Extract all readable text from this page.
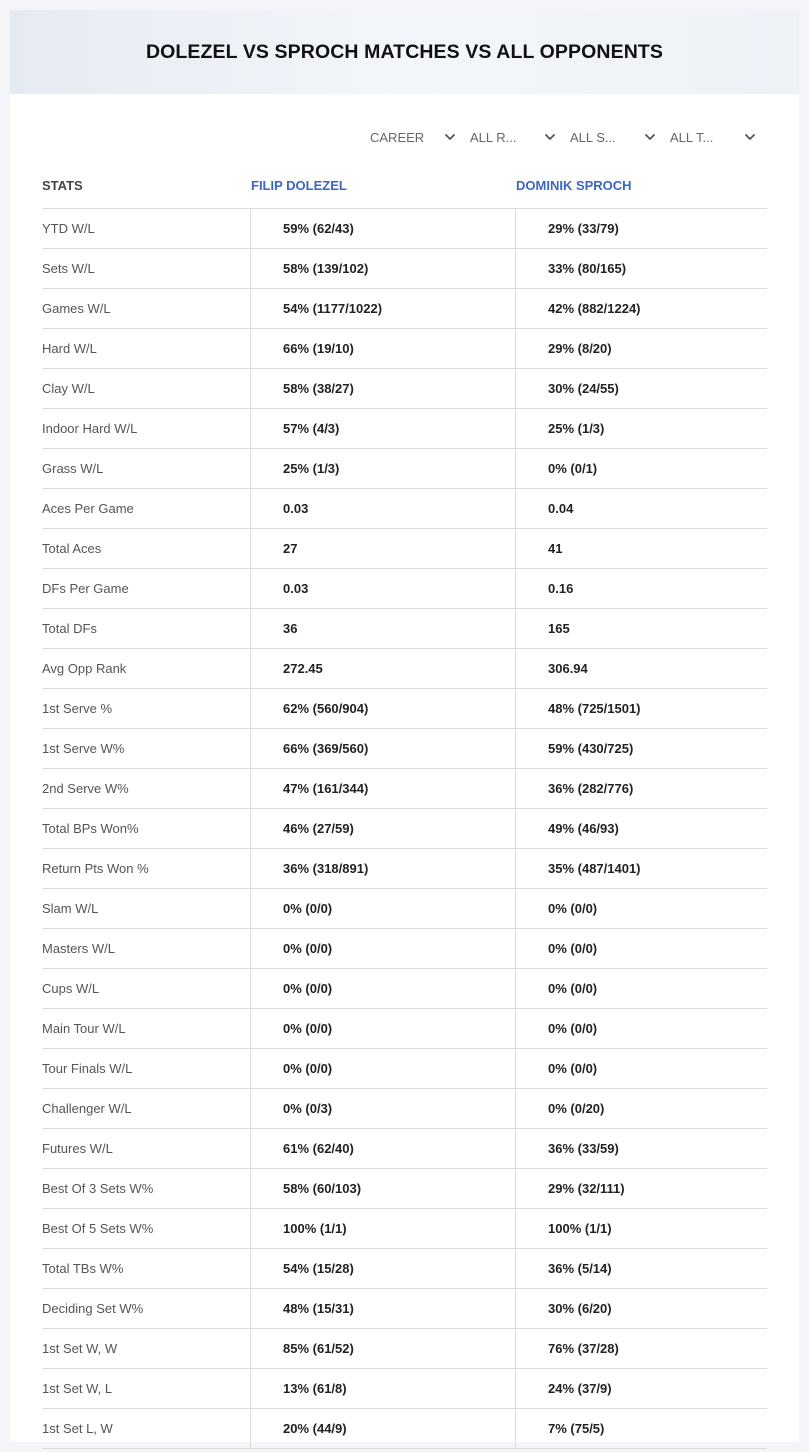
DOLEZEL VS SPROCH MATCHES VS ALL OPPONENTS
CAREER	ALL R...	ALL S...	ALL T...
STATS	FILIP DOLEZEL	DOMINIK SPROCH
YTD W/L	59% (62/43)	29% (33/79)
Sets W/L	58% (139/102)	33% (80/165)
Games W/L	54% (1177/1022)	42% (882/1224)
Hard W/L	66% (19/10)	29% (8/20)
Clay W/L	58% (38/27)	30% (24/55)
Indoor Hard W/L	57% (4/3)	25% (1/3)
Grass W/L	25% (1/3)	0% (0/1)
Aces Per Game	0.03	0.04
Total Aces	27	41
DFs Per Game	0.03	0.16
Total DFs	36	165
Avg Opp Rank	272.45	306.94
1st Serve %	62% (560/904)	48% (725/1501)
1st Serve W%	66% (369/560)	59% (430/725)
2nd Serve W%	47% (161/344)	36% (282/776)
Total BPs Won%	46% (27/59)	49% (46/93)
Return Pts Won %	36% (318/891)	35% (487/1401)
Slam W/L	0% (0/0)	0% (0/0)
Masters W/L	0% (0/0)	0% (0/0)
Cups W/L	0% (0/0)	0% (0/0)
Main Tour W/L	0% (0/0)	0% (0/0)
Tour Finals W/L	0% (0/0)	0% (0/0)
Challenger W/L	0% (0/3)	0% (0/20)
Futures W/L	61% (62/40)	36% (33/59)
Best Of 3 Sets W%	58% (60/103)	29% (32/111)
Best Of 5 Sets W%	100% (1/1)	100% (1/1)
Total TBs W%	54% (15/28)	36% (5/14)
Deciding Set W%	48% (15/31)	30% (6/20)
1st Set W, W	85% (61/52)	76% (37/28)
1st Set W, L	13% (61/8)	24% (37/9)
1st Set L, W	20% (44/9)	7% (75/5)
